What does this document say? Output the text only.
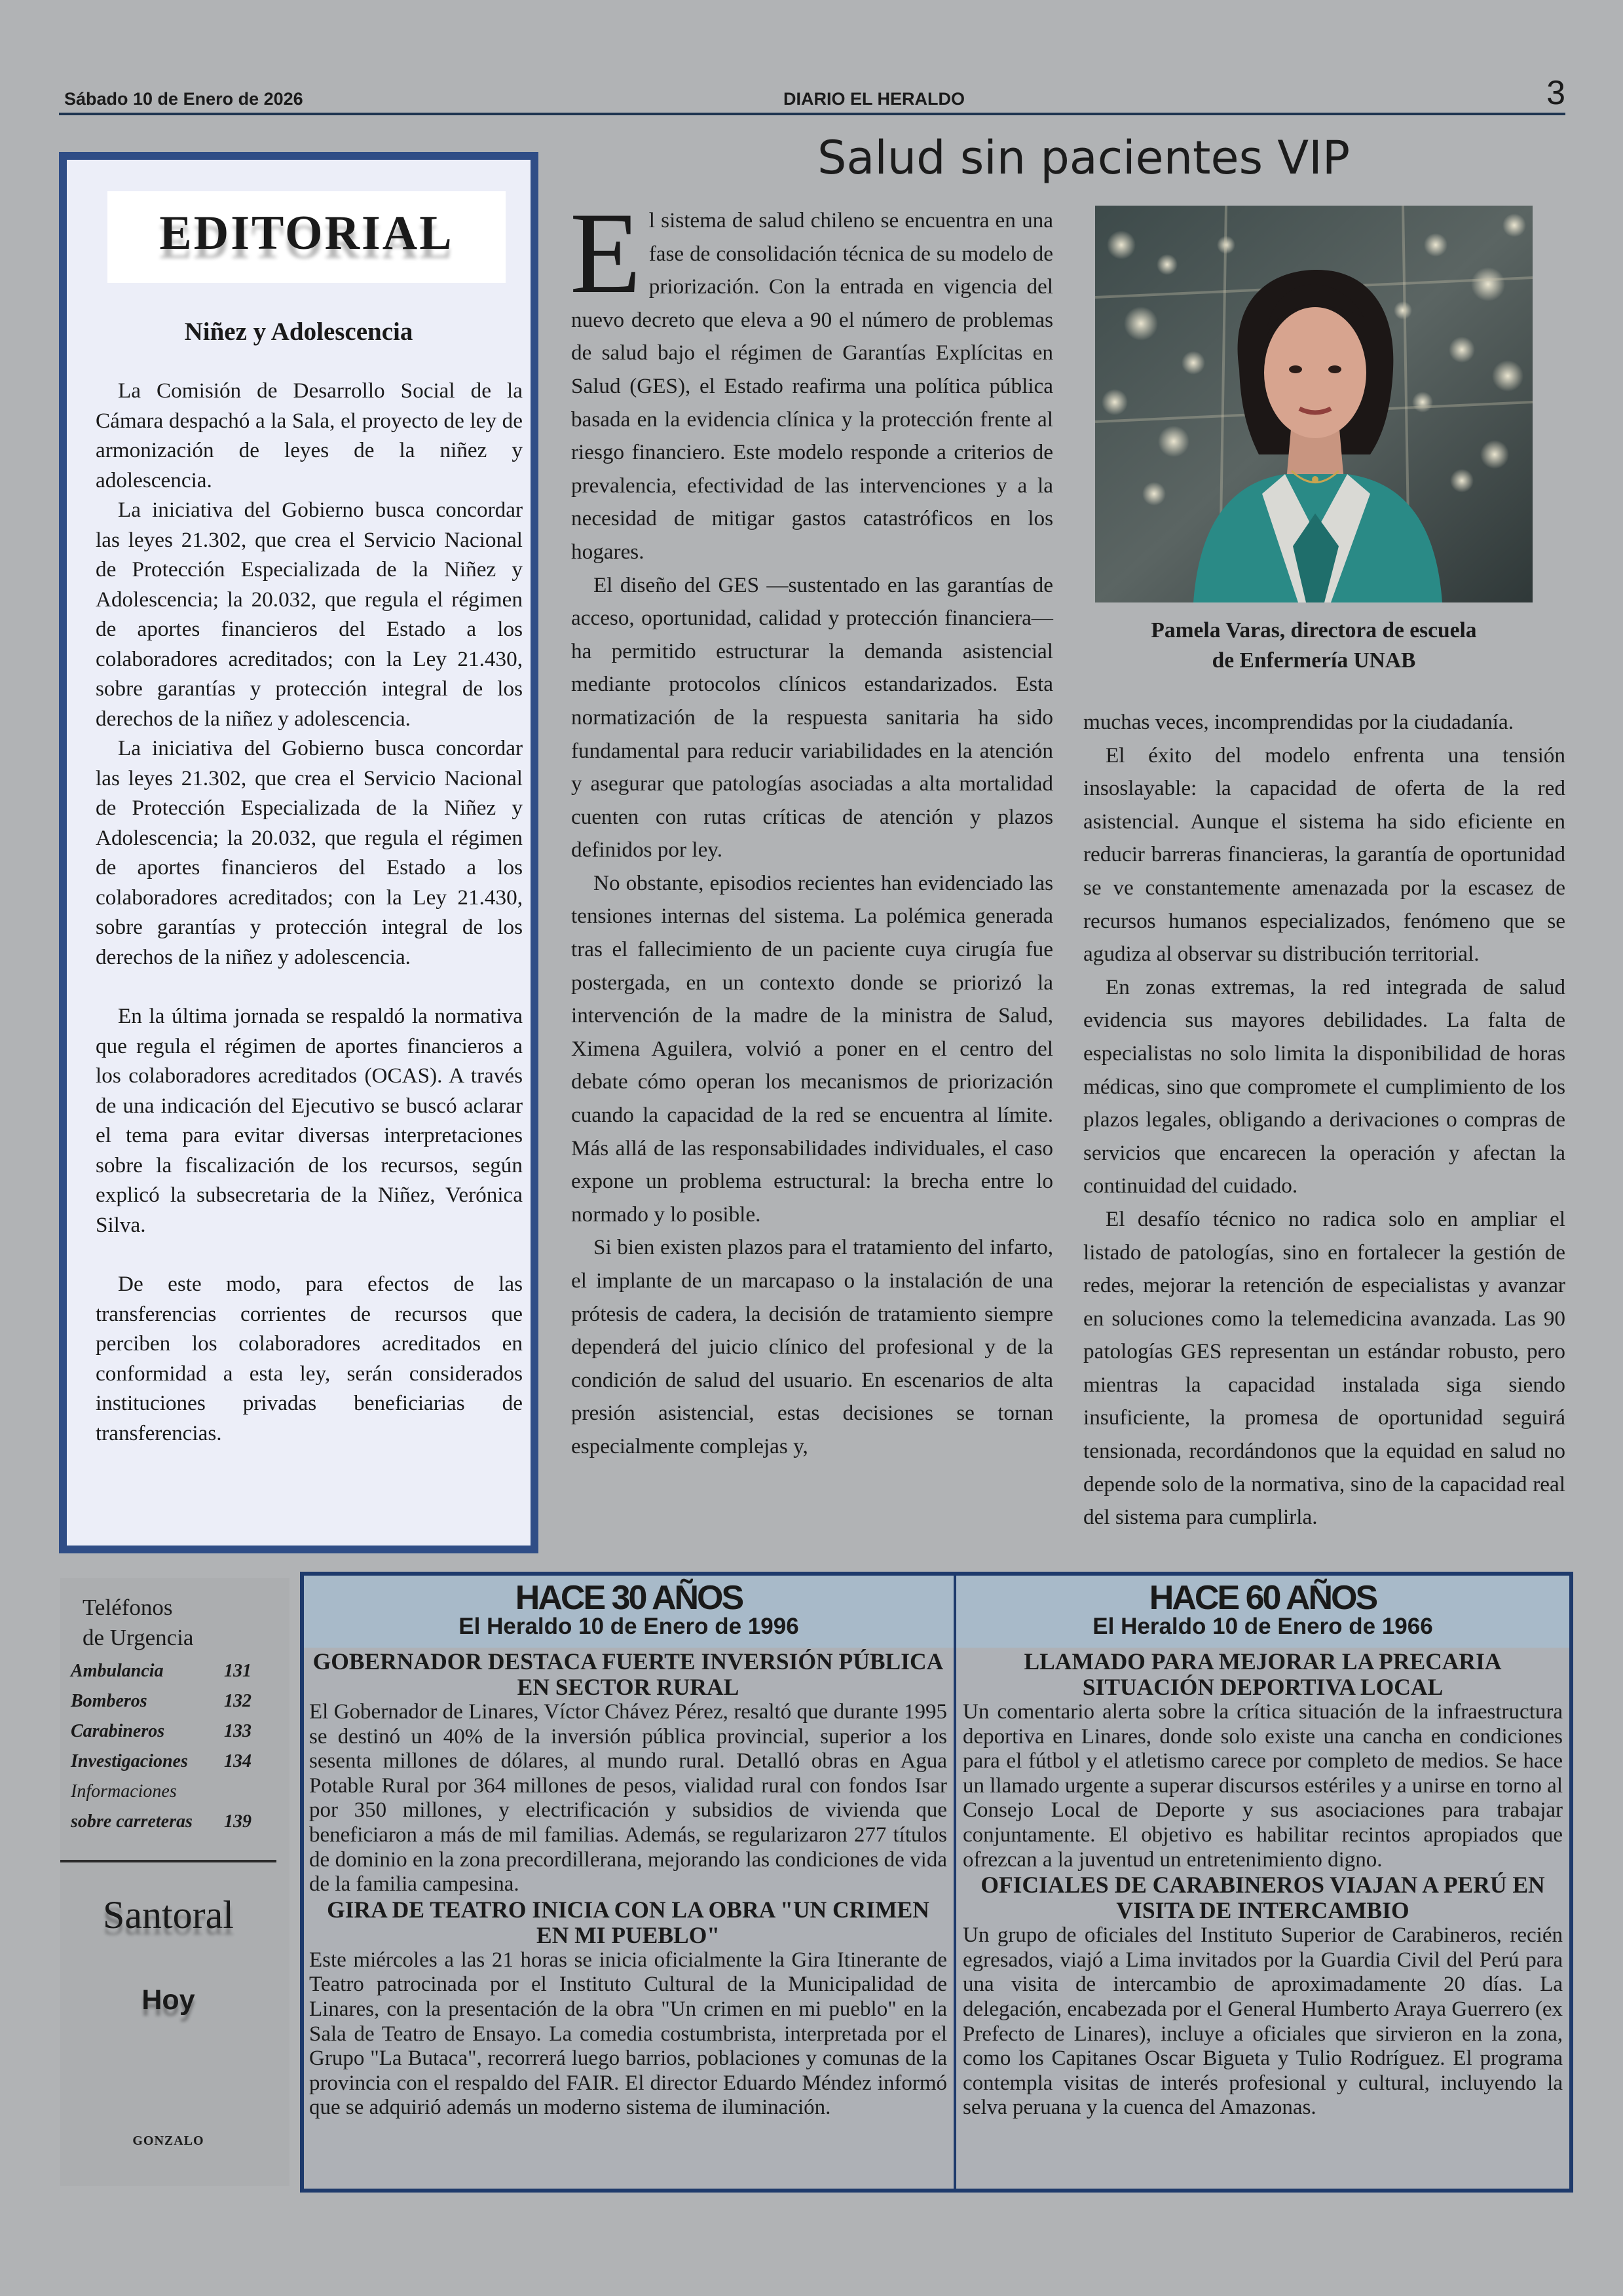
Sábado 10 de Enero de 2026	DIARIO EL HERALDO	3
EDITORIAL
Niñez y Adolescencia

La Comisión de Desarrollo Social de la Cámara despachó a la Sala, el proyecto de ley de armonización de leyes de la niñez y adolescencia.

La iniciativa del Gobierno busca concordar las leyes 21.302, que crea el Servicio Nacional de Protección Especializada de la Niñez y Adolescencia; la 20.032, que regula el régimen de aportes financieros del Estado a los colaboradores acreditados; con la Ley 21.430, sobre garantías y protección integral de los derechos de la niñez y adolescencia.

La iniciativa del Gobierno busca concordar las leyes 21.302, que crea el Servicio Nacional de Protección Especializada de la Niñez y Adolescencia; la 20.032, que regula el régimen de aportes financieros del Estado a los colaboradores acreditados; con la Ley 21.430, sobre garantías y protección integral de los derechos de la niñez y adolescencia.

En la última jornada se respaldó la normativa que regula el régimen de aportes financieros a los colaboradores acreditados (OCAS). A través de una indicación del Ejecutivo se buscó aclarar el tema para evitar diversas interpretaciones sobre la fiscalización de los recursos, según explicó la subsecretaria de la Niñez, Verónica Silva.

De este modo, para efectos de las transferencias corrientes de recursos que perciben los colaboradores acreditados en conformidad a esta ley, serán considerados instituciones privadas beneficiarias de transferencias.

Salud sin pacientes VIP

El sistema de salud chileno se encuentra en una fase de consolidación técnica de su modelo de priorización. Con la entrada en vigencia del nuevo decreto que eleva a 90 el número de problemas de salud bajo el régimen de Garantías Explícitas en Salud (GES), el Estado reafirma una política pública basada en la evidencia clínica y la protección frente al riesgo financiero. Este modelo responde a criterios de prevalencia, efectividad de las intervenciones y a la necesidad de mitigar gastos catastróficos en los hogares.

El diseño del GES —sustentado en las garantías de acceso, oportunidad, calidad y protección financiera— ha permitido estructurar la demanda asistencial mediante protocolos clínicos estandarizados. Esta normatización de la respuesta sanitaria ha sido fundamental para reducir variabilidades en la atención y asegurar que patologías asociadas a alta mortalidad cuenten con rutas críticas de atención y plazos definidos por ley.

No obstante, episodios recientes han evidenciado las tensiones internas del sistema. La polémica generada tras el fallecimiento de un paciente cuya cirugía fue postergada, en un contexto donde se priorizó la intervención de la madre de la ministra de Salud, Ximena Aguilera, volvió a poner en el centro del debate cómo operan los mecanismos de priorización cuando la capacidad de la red se encuentra al límite. Más allá de las responsabilidades individuales, el caso expone un problema estructural: la brecha entre lo normado y lo posible.

Si bien existen plazos para el tratamiento del infarto, el implante de un marcapaso o la instalación de una prótesis de cadera, la decisión de tratamiento siempre dependerá del juicio clínico del profesional y de la condición de salud del usuario. En escenarios de alta presión asistencial, estas decisiones se tornan especialmente complejas y,

Pamela Varas, directora de escuela
de Enfermería UNAB

muchas veces, incomprendidas por la ciudadanía.

El éxito del modelo enfrenta una tensión insoslayable: la capacidad de oferta de la red asistencial. Aunque el sistema ha sido eficiente en reducir barreras financieras, la garantía de oportunidad se ve constantemente amenazada por la escasez de recursos humanos especializados, fenómeno que se agudiza al observar su distribución territorial.

En zonas extremas, la red integrada de salud evidencia sus mayores debilidades. La falta de especialistas no solo limita la disponibilidad de horas médicas, sino que compromete el cumplimiento de los plazos legales, obligando a derivaciones o compras de servicios que encarecen la operación y afectan la continuidad del cuidado.

El desafío técnico no radica solo en ampliar el listado de patologías, sino en fortalecer la gestión de redes, mejorar la retención de especialistas y avanzar en soluciones como la telemedicina avanzada. Las 90 patologías GES representan un estándar robusto, pero mientras la capacidad instalada siga siendo insuficiente, la promesa de oportunidad seguirá tensionada, recordándonos que la equidad en salud no depende solo de la normativa, sino de la capacidad real del sistema para cumplirla.

Teléfonos
de Urgencia
Ambulancia	131
Bomberos	132
Carabineros	133
Investigaciones 134
Informaciones
sobre carreteras 139
Santoral
Hoy
GONZALO
HACE 30 AÑOS
El Heraldo 10 de Enero de 1996
GOBERNADOR DESTACA FUERTE INVERSIÓN PÚBLICA EN SECTOR RURAL

El Gobernador de Linares, Víctor Chávez Pérez, resaltó que durante 1995 se destinó un 40% de la inversión pública provincial, superior a los sesenta millones de dólares, al mundo rural. Detalló obras en Agua Potable Rural por 364 millones de pesos, vialidad rural con fondos Isar por 350 millones, y electrificación y subsidios de vivienda que beneficiaron a más de mil familias. Además, se regularizaron 277 títulos de dominio en la zona precordillerana, mejorando las condiciones de vida de la familia campesina.

GIRA DE TEATRO INICIA CON LA OBRA "UN CRIMEN EN MI PUEBLO"

Este miércoles a las 21 horas se inicia oficialmente la Gira Itinerante de Teatro patrocinada por el Instituto Cultural de la Municipalidad de Linares, con la presentación de la obra "Un crimen en mi pueblo" en la Sala de Teatro de Ensayo. La comedia costumbrista, interpretada por el Grupo "La Butaca", recorrerá luego barrios, poblaciones y comunas de la provincia con el respaldo del FAIR. El director Eduardo Méndez informó que se adquirió además un moderno sistema de iluminación.

HACE 60 AÑOS
El Heraldo 10 de Enero de 1966
LLAMADO PARA MEJORAR LA PRECARIA SITUACIÓN DEPORTIVA LOCAL

Un comentario alerta sobre la crítica situación de la infraestructura deportiva en Linares, donde solo existe una cancha en condiciones para el fútbol y el atletismo carece por completo de medios. Se hace un llamado urgente a superar discursos estériles y a unirse en torno al Consejo Local de Deporte y sus asociaciones para trabajar conjuntamente. El objetivo es habilitar recintos apropiados que ofrezcan a la juventud un entretenimiento digno.

OFICIALES DE CARABINEROS VIAJAN A PERÚ EN VISITA DE INTERCAMBIO

Un grupo de oficiales del Instituto Superior de Carabineros, recién egresados, viajó a Lima invitados por la Guardia Civil del Perú para una visita de intercambio de aproximadamente 20 días. La delegación, encabezada por el General Humberto Araya Guerrero (ex Prefecto de Linares), incluye a oficiales que sirvieron en la zona, como los Capitanes Oscar Bigueta y Tulio Rodríguez. El programa contempla visitas de interés profesional y cultural, incluyendo la selva peruana y la cuenca del Amazonas.
